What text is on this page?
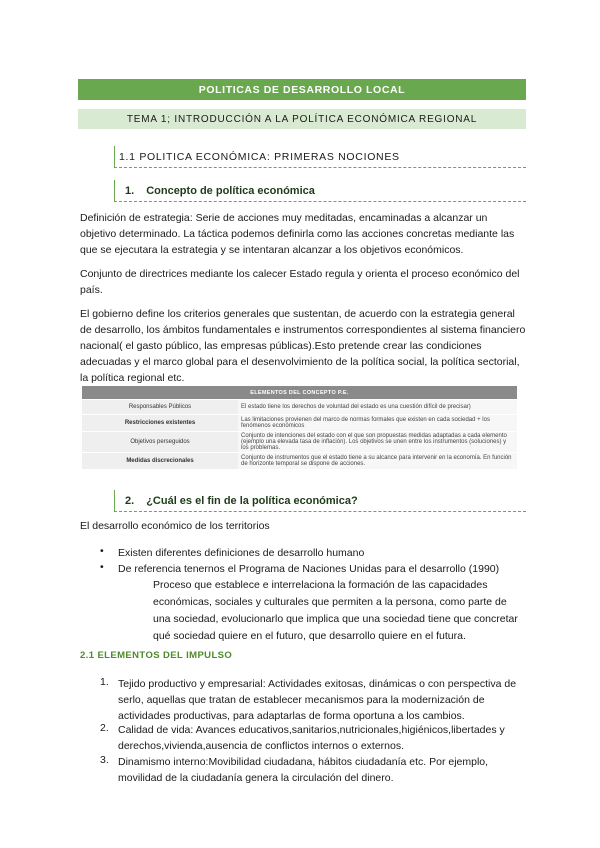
POLITICAS DE DESARROLLO LOCAL
TEMA 1; INTRODUCCIÓN A LA POLÍTICA ECONÓMICA REGIONAL
1.1 POLITICA ECONÓMICA: PRIMERAS NOCIONES
1. Concepto de política económica
Definición de estrategia: Serie de acciones muy meditadas, encaminadas a alcanzar un objetivo determinado. La táctica podemos definirla como las acciones concretas mediante las que se ejecutara la estrategia y se intentaran alcanzar a los objetivos económicos.
Conjunto de directrices mediante los calecer Estado regula y orienta el proceso económico del país.
El gobierno define los criterios generales que sustentan, de acuerdo con la estrategia general de desarrollo, los ámbitos fundamentales e instrumentos correspondientes al sistema financiero nacional( el gasto público, las empresas públicas).Esto pretende crear las condiciones adecuadas y el marco global para el desenvolvimiento de la política social, la política sectorial, la política regional etc.
ELEMENTOS DEL CONCEPTO P.E.	
Responsables Públicos	El estado tiene los derechos de voluntad del estado es una cuestión difícil de precisar)
Restricciones existentes	Las limitaciones provienen del marco de normas formales que existen en cada sociedad + los fenómenos económicos
Objetivos perseguidos	Conjunto de intenciones del estado con el que son propuestas medidas adaptadas a cada elemento (ejemplo una elevada tasa de inflación). Los objetivos se unen entre los instrumentos (soluciones) y los problemas.
Medidas discrecionales	Conjunto de instrumentos que el estado tiene a su alcance para intervenir en la economía. En función de horizonte temporal se dispone de acciones.
2. ¿Cuál es el fin de la política económica?
El desarrollo económico de los territorios
• Existen diferentes definiciones de desarrollo humano
• De referencia tenernos el Programa de Naciones Unidas para el desarrollo (1990)
Proceso que establece e interrelaciona la formación de las capacidades económicas, sociales y culturales que permiten a la persona, como parte de una sociedad, evolucionarlo que implica que una sociedad tiene que concretar qué sociedad quiere en el futuro, que desarrollo quiere en el futura.
2.1 ELEMENTOS DEL IMPULSO
1. Tejido productivo y empresarial: Actividades exitosas, dinámicas o con perspectiva de serlo, aquellas que tratan de establecer mecanismos para la modernización de actividades productivas, para adaptarlas de forma oportuna a los cambios.
2. Calidad de vida: Avances educativos,sanitarios,nutricionales,higiénicos,libertades y derechos,vivienda,ausencia de conflictos internos o externos.
3. Dinamismo interno:Movibilidad ciudadana, hábitos ciudadanía etc. Por ejemplo, movilidad de la ciudadanía genera la circulación del dinero.
